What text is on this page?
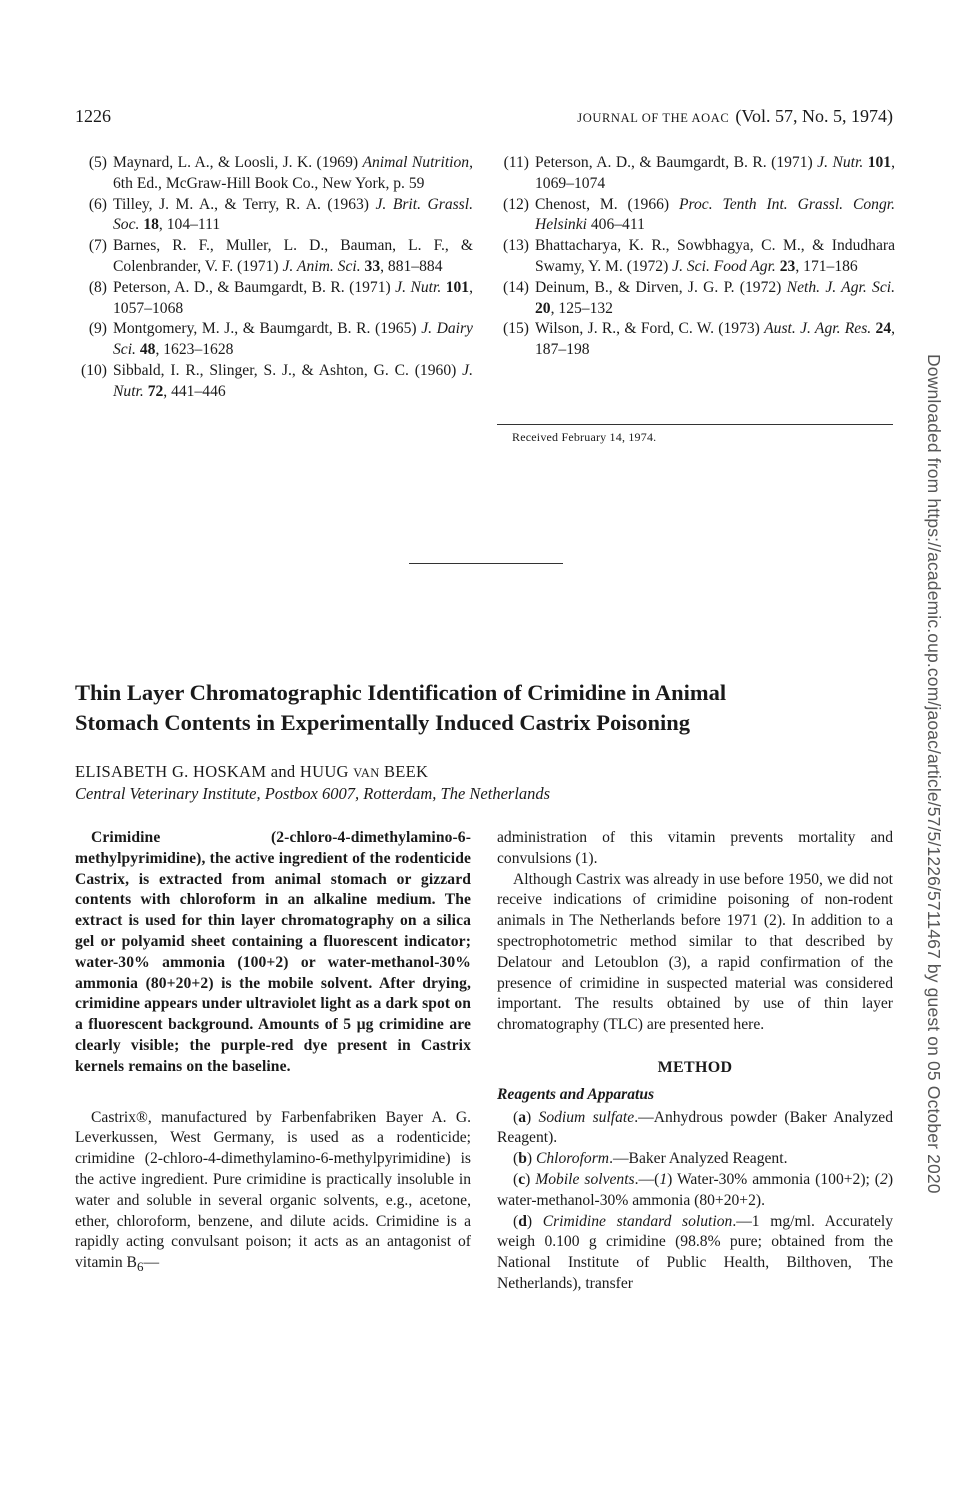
1226	JOURNAL OF THE AOAC (Vol. 57, No. 5, 1974)
(5) Maynard, L. A., & Loosli, J. K. (1969) Animal Nutrition, 6th Ed., McGraw-Hill Book Co., New York, p. 59
(6) Tilley, J. M. A., & Terry, R. A. (1963) J. Brit. Grassl. Soc. 18, 104–111
(7) Barnes, R. F., Muller, L. D., Bauman, L. F., & Colenbrander, V. F. (1971) J. Anim. Sci. 33, 881–884
(8) Peterson, A. D., & Baumgardt, B. R. (1971) J. Nutr. 101, 1057–1068
(9) Montgomery, M. J., & Baumgardt, B. R. (1965) J. Dairy Sci. 48, 1623–1628
(10) Sibbald, I. R., Slinger, S. J., & Ashton, G. C. (1960) J. Nutr. 72, 441–446
(11) Peterson, A. D., & Baumgardt, B. R. (1971) J. Nutr. 101, 1069–1074
(12) Chenost, M. (1966) Proc. Tenth Int. Grassl. Congr. Helsinki 406–411
(13) Bhattacharya, K. R., Sowbhagya, C. M., & Indudhara Swamy, Y. M. (1972) J. Sci. Food Agr. 23, 171–186
(14) Deinum, B., & Dirven, J. G. P. (1972) Neth. J. Agr. Sci. 20, 125–132
(15) Wilson, J. R., & Ford, C. W. (1973) Aust. J. Agr. Res. 24, 187–198
Received February 14, 1974.
Thin Layer Chromatographic Identification of Crimidine in Animal
Stomach Contents in Experimentally Induced Castrix Poisoning
ELISABETH G. HOSKAM and HUUG VAN BEEK
Central Veterinary Institute, Postbox 6007, Rotterdam, The Netherlands

Crimidine (2-chloro-4-dimethylamino-6-methylpyrimidine), the active ingredient of the rodenticide Castrix, is extracted from animal stomach or gizzard contents with chloroform in an alkaline medium. The extract is used for thin layer chromatography on a silica gel or polyamid sheet containing a fluorescent indicator; water-30% ammonia (100+2) or water-methanol-30% ammonia (80+20+2) is the mobile solvent. After drying, crimidine appears under ultraviolet light as a dark spot on a fluorescent background. Amounts of 5 µg crimidine are clearly visible; the purple-red dye present in Castrix kernels remains on the baseline.

Castrix®, manufactured by Farbenfabriken Bayer A. G. Leverkussen, West Germany, is used as a rodenticide; crimidine (2-chloro-4-dimethylamino-6-methylpyrimidine) is the active ingredient. Pure crimidine is practically insoluble in water and soluble in several organic solvents, e.g., acetone, ether, chloroform, benzene, and dilute acids. Crimidine is a rapidly acting convulsant poison; it acts as an antagonist of vitamin $B_6—$

administration of this vitamin prevents mortality and convulsions (1).

Although Castrix was already in use before 1950, we did not receive indications of crimidine poisoning of non-rodent animals in The Netherlands before 1971 (2). In addition to a spectrophotometric method similar to that described by Delatour and Letoublon (3), a rapid confirmation of the presence of crimidine in suspected material was considered important. The results obtained by use of thin layer chromatography (TLC) are presented here.

METHOD
Reagents and Apparatus

(a) Sodium sulfate.—Anhydrous powder (Baker Analyzed Reagent).

(b) Chloroform.—Baker Analyzed Reagent.

(c) Mobile solvents.—(1) Water-30% ammonia (100+2); (2) water-methanol-30% ammonia (80+20+2).

(d) Crimidine standard solution.—1 mg/ml. Accurately weigh 0.100 g crimidine (98.8% pure; obtained from the National Institute of Public Health, Bilthoven, The Netherlands), transfer

Downloaded from https://academic.oup.com/jaoac/article/57/5/1226/5711467 by guest on 05 October 2020
